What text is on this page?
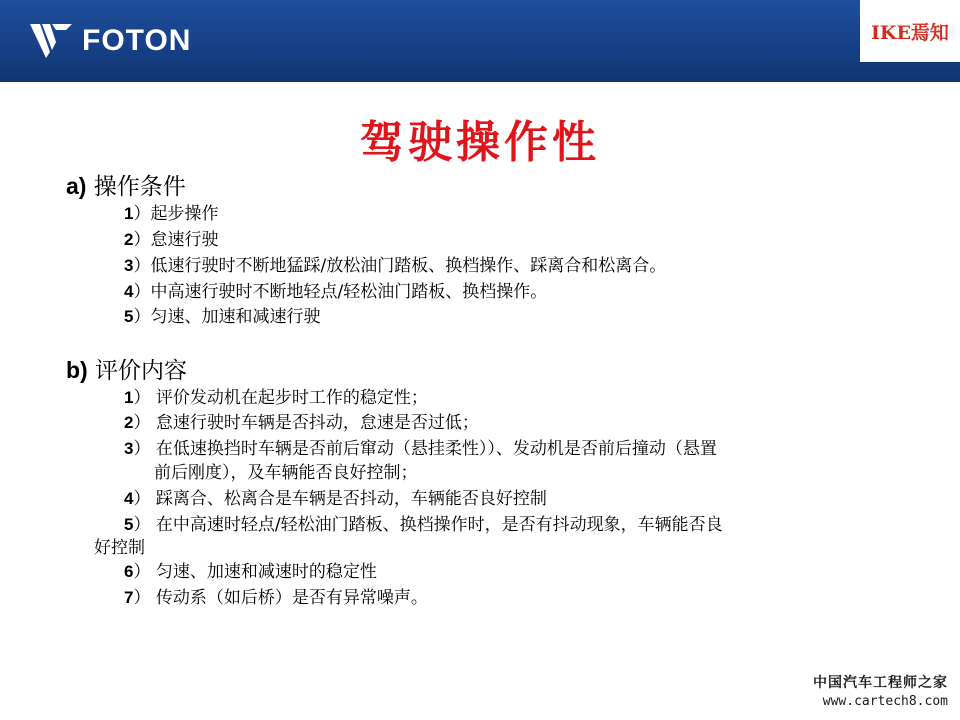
FOTON	IKE焉知
驾驶操作性
a) 操作条件
1）起步操作
2）怠速行驶
3）低速行驶时不断地猛踩/放松油门踏板、换档操作、踩离合和松离合。
4）中高速行驶时不断地轻点/轻松油门踏板、换档操作。
5）匀速、加速和减速行驶
b) 评价内容
1） 评价发动机在起步时工作的稳定性；
2） 怠速行驶时车辆是否抖动，怠速是否过低；
3） 在低速换挡时车辆是否前后窜动（悬挂柔性））、发动机是否前后撞动（悬置
前后刚度），及车辆能否良好控制；
4） 踩离合、松离合是车辆是否抖动，车辆能否良好控制
5） 在中高速时轻点/轻松油门踏板、换档操作时，是否有抖动现象，车辆能否良
好控制
6） 匀速、加速和减速时的稳定性
7） 传动系（如后桥）是否有异常噪声。
中国汽车工程师之家
www.cartech8.com
